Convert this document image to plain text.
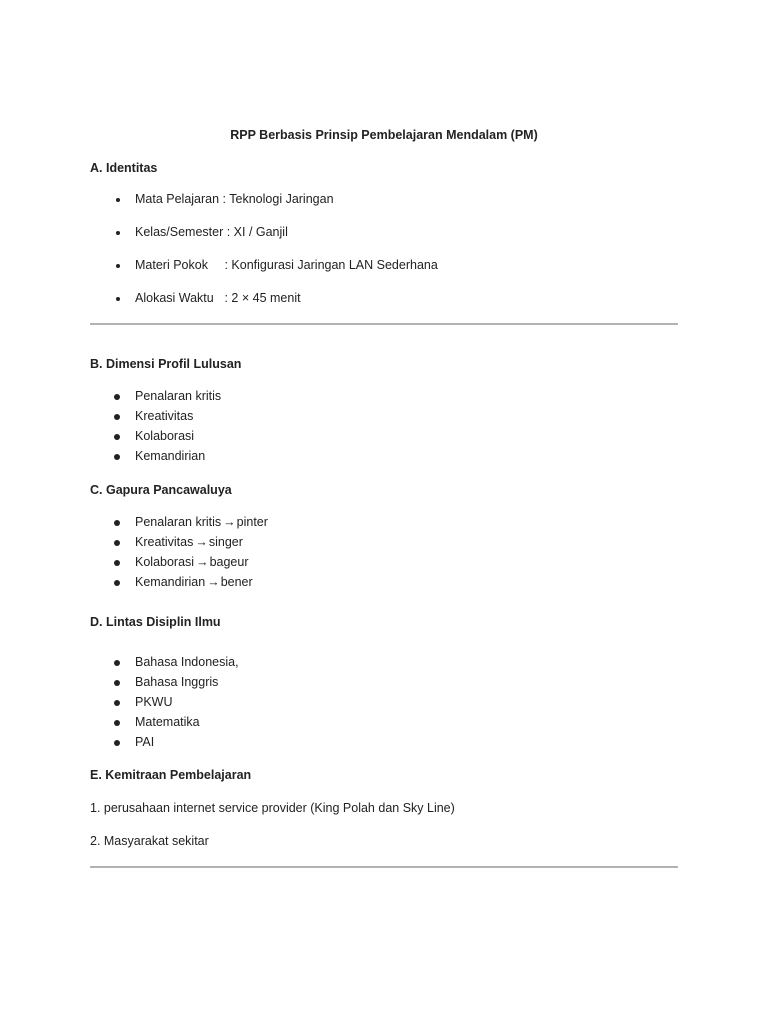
RPP Berbasis Prinsip Pembelajaran Mendalam (PM)
A. Identitas
Mata Pelajaran : Teknologi Jaringan
Kelas/Semester : XI / Ganjil
Materi Pokok : Konfigurasi Jaringan LAN Sederhana
Alokasi Waktu : 2 × 45 menit
B. Dimensi Profil Lulusan
Penalaran kritis
Kreativitas
Kolaborasi
Kemandirian
C. Gapura Pancawaluya
Penalaran kritis →pinter
Kreativitas →singer
Kolaborasi →bageur
Kemandirian →bener
D. Lintas Disiplin Ilmu
Bahasa Indonesia,
Bahasa Inggris
PKWU
Matematika
PAI
E. Kemitraan Pembelajaran
1. perusahaan internet service provider (King Polah dan Sky Line)
2. Masyarakat sekitar
